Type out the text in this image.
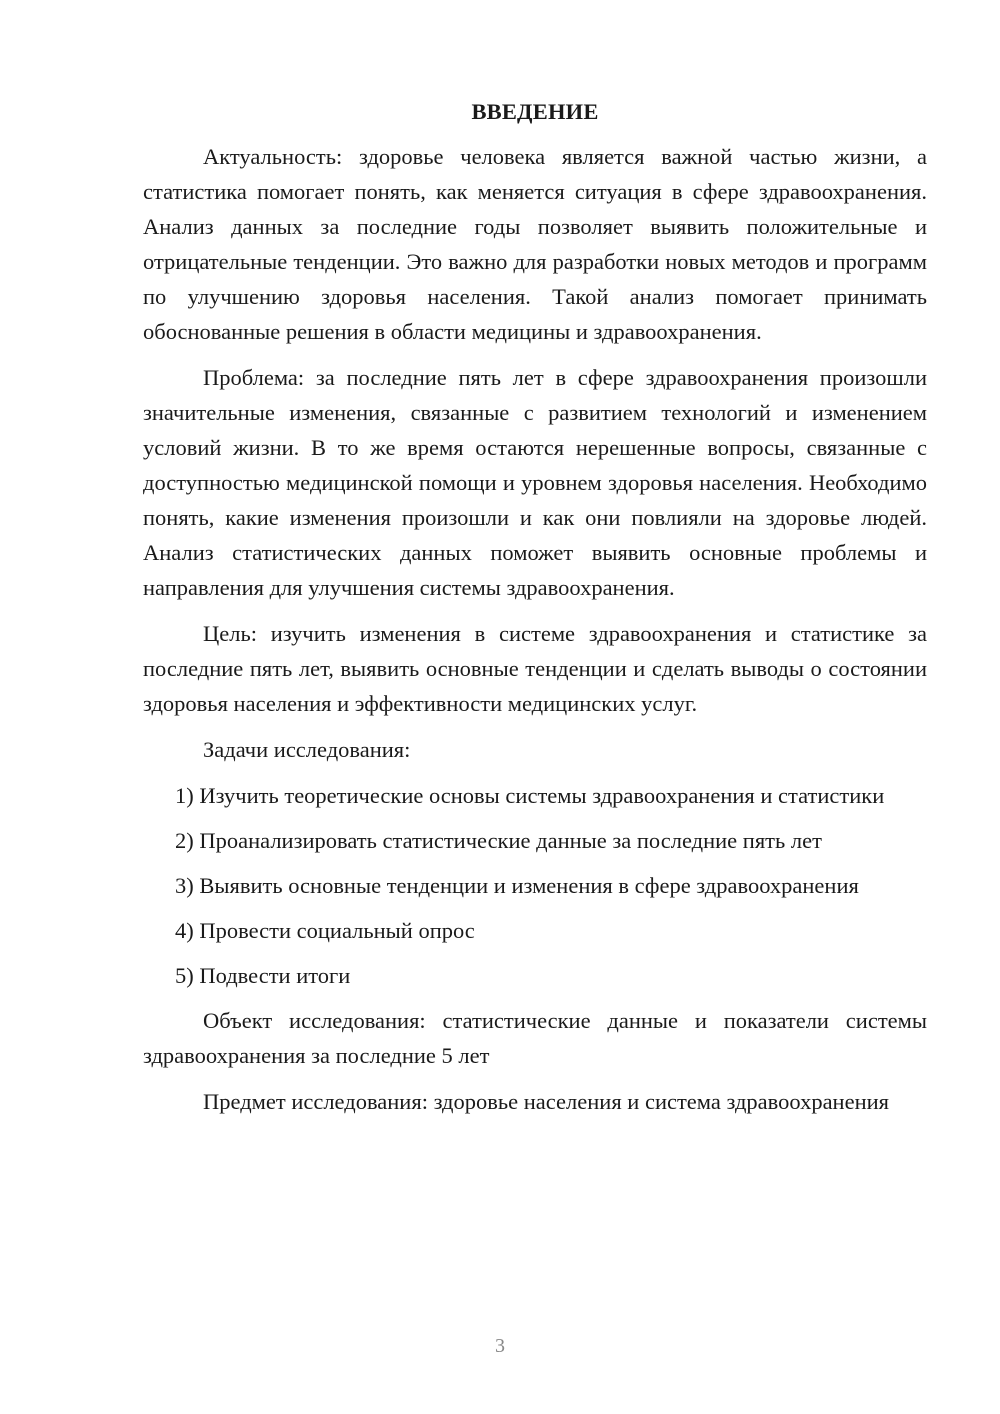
ВВЕДЕНИЕ

Актуальность: здоровье человека является важной частью жизни, а статистика помогает понять, как меняется ситуация в сфере здравоохранения. Анализ данных за последние годы позволяет выявить положительные и отрицательные тенденции. Это важно для разработки новых методов и программ по улучшению здоровья населения. Такой анализ помогает принимать обоснованные решения в области медицины и здравоохранения.

Проблема: за последние пять лет в сфере здравоохранения произошли значительные изменения, связанные с развитием технологий и изменением условий жизни. В то же время остаются нерешенные вопросы, связанные с доступностью медицинской помощи и уровнем здоровья населения. Необходимо понять, какие изменения произошли и как они повлияли на здоровье людей. Анализ статистических данных поможет выявить основные проблемы и направления для улучшения системы здравоохранения.

Цель: изучить изменения в системе здравоохранения и статистике за последние пять лет, выявить основные тенденции и сделать выводы о состоянии здоровья населения и эффективности медицинских услуг.

Задачи исследования:

1) Изучить теоретические основы системы здравоохранения и статистики

2) Проанализировать статистические данные за последние пять лет

3) Выявить основные тенденции и изменения в сфере здравоохранения

4) Провести социальный опрос

5) Подвести итоги

Объект исследования: статистические данные и показатели системы здравоохранения за последние 5 лет

Предмет исследования: здоровье населения и система здравоохранения

3
